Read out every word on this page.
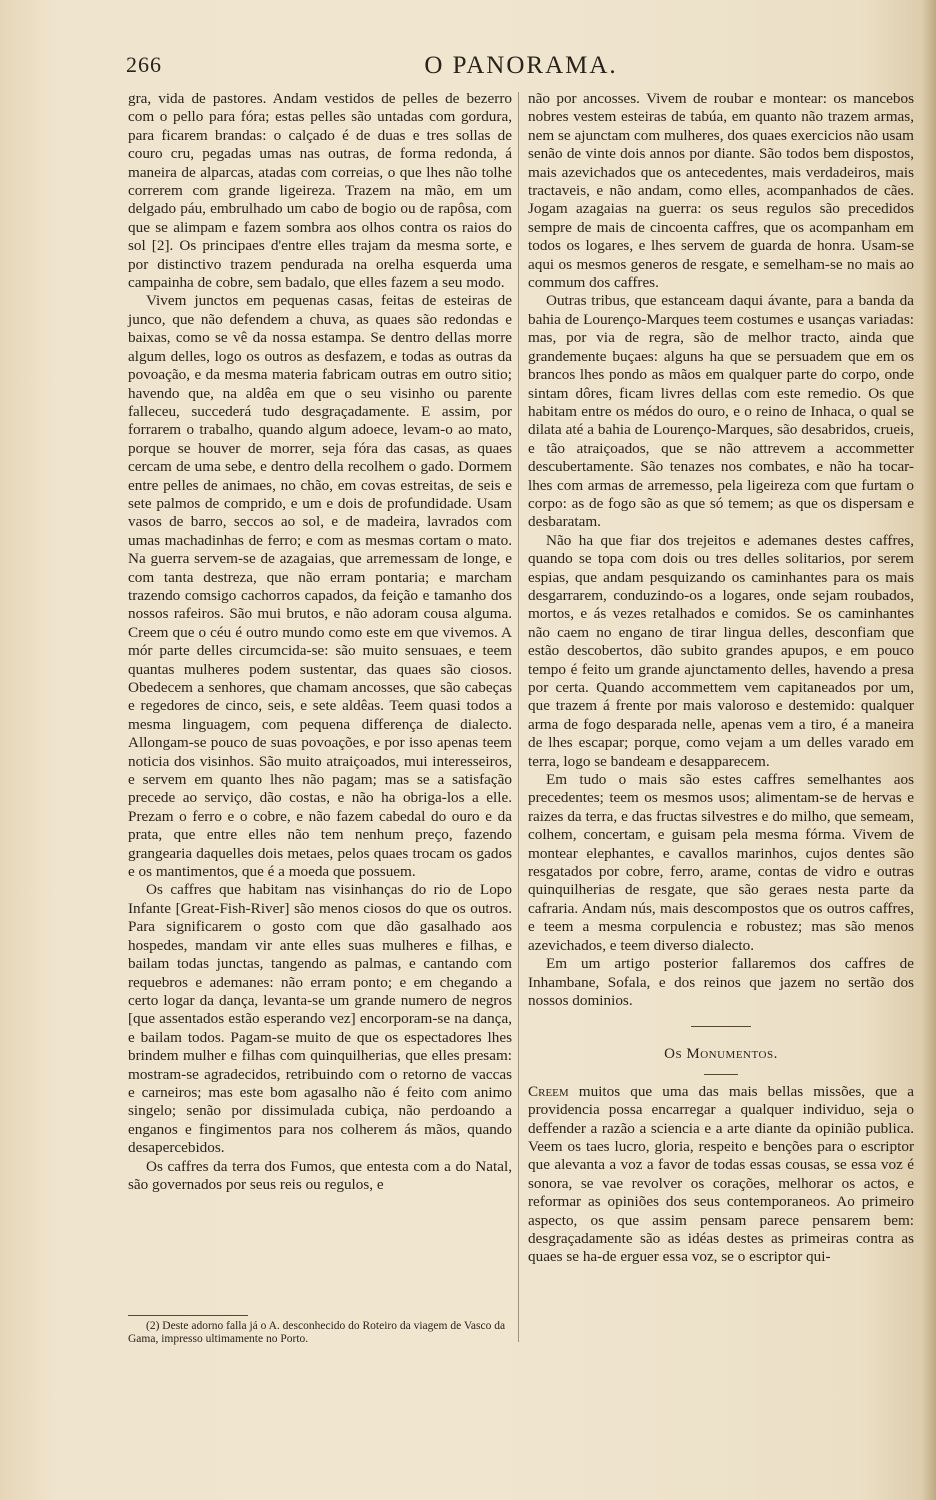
266	O PANORAMA.

gra, vida de pastores. Andam vestidos de pelles de bezerro com o pello para fóra; estas pelles são untadas com gordura, para ficarem brandas: o calçado é de duas e tres sollas de couro cru, pegadas umas nas outras, de forma redonda, á maneira de alparcas, atadas com correias, o que lhes não tolhe correrem com grande ligeireza. Trazem na mão, em um delgado páu, embrulhado um cabo de bogio ou de rapôsa, com que se alimpam e fazem sombra aos olhos contra os raios do sol [2]. Os principaes d'entre elles trajam da mesma sorte, e por distinctivo trazem pendurada na orelha esquerda uma campainha de cobre, sem badalo, que elles fazem a seu modo.

Vivem junctos em pequenas casas, feitas de esteiras de junco, que não defendem a chuva, as quaes são redondas e baixas, como se vê da nossa estampa. Se dentro dellas morre algum delles, logo os outros as desfazem, e todas as outras da povoação, e da mesma materia fabricam outras em outro sitio; havendo que, na aldêa em que o seu visinho ou parente falleceu, succederá tudo desgraçadamente. E assim, por forrarem o trabalho, quando algum adoece, levam-o ao mato, porque se houver de morrer, seja fóra das casas, as quaes cercam de uma sebe, e dentro della recolhem o gado. Dormem entre pelles de animaes, no chão, em covas estreitas, de seis e sete palmos de comprido, e um e dois de profundidade. Usam vasos de barro, seccos ao sol, e de madeira, lavrados com umas machadinhas de ferro; e com as mesmas cortam o mato. Na guerra servem-se de azagaias, que arremessam de longe, e com tanta destreza, que não erram pontaria; e marcham trazendo comsigo cachorros capados, da feição e tamanho dos nossos rafeiros. São mui brutos, e não adoram cousa alguma. Creem que o céu é outro mundo como este em que vivemos. A mór parte delles circumcida-se: são muito sensuaes, e teem quantas mulheres podem sustentar, das quaes são ciosos. Obedecem a senhores, que chamam ancosses, que são cabeças e regedores de cinco, seis, e sete aldêas. Teem quasi todos a mesma linguagem, com pequena differença de dialecto. Allongam-se pouco de suas povoações, e por isso apenas teem noticia dos visinhos. São muito atraiçoados, mui interesseiros, e servem em quanto lhes não pagam; mas se a satisfação precede ao serviço, dão costas, e não ha obriga-los a elle. Prezam o ferro e o cobre, e não fazem cabedal do ouro e da prata, que entre elles não tem nenhum preço, fazendo grangearia daquelles dois metaes, pelos quaes trocam os gados e os mantimentos, que é a moeda que possuem.

Os caffres que habitam nas visinhanças do rio de Lopo Infante [Great-Fish-River] são menos ciosos do que os outros. Para significarem o gosto com que dão gasalhado aos hospedes, mandam vir ante elles suas mulheres e filhas, e bailam todas junctas, tangendo as palmas, e cantando com requebros e ademanes: não erram ponto; e em chegando a certo logar da dança, levanta-se um grande numero de negros [que assentados estão esperando vez] encorporam-se na dança, e bailam todos. Pagam-se muito de que os espectadores lhes brindem mulher e filhas com quinquilherias, que elles presam: mostram-se agradecidos, retribuindo com o retorno de vaccas e carneiros; mas este bom agasalho não é feito com animo singelo; senão por dissimulada cubiça, não perdoando a enganos e fingimentos para nos colherem ás mãos, quando desapercebidos.

Os caffres da terra dos Fumos, que entesta com a do Natal, são governados por seus reis ou regulos, e

não por ancosses. Vivem de roubar e montear: os mancebos nobres vestem esteiras de tabúa, em quanto não trazem armas, nem se ajunctam com mulheres, dos quaes exercicios não usam senão de vinte dois annos por diante. São todos bem dispostos, mais azevichados que os antecedentes, mais verdadeiros, mais tractaveis, e não andam, como elles, acompanhados de cães. Jogam azagaias na guerra: os seus regulos são precedidos sempre de mais de cincoenta caffres, que os acompanham em todos os logares, e lhes servem de guarda de honra. Usam-se aqui os mesmos generos de resgate, e semelham-se no mais ao commum dos caffres.

Outras tribus, que estanceam daqui ávante, para a banda da bahia de Lourenço-Marques teem costumes e usanças variadas: mas, por via de regra, são de melhor tracto, ainda que grandemente buçaes: alguns ha que se persuadem que em os brancos lhes pondo as mãos em qualquer parte do corpo, onde sintam dôres, ficam livres dellas com este remedio. Os que habitam entre os médos do ouro, e o reino de Inhaca, o qual se dilata até a bahia de Lourenço-Marques, são desabridos, crueis, e tão atraiçoados, que se não attrevem a accommetter descubertamente. São tenazes nos combates, e não ha tocar-lhes com armas de arremesso, pela ligeireza com que furtam o corpo: as de fogo são as que só temem; as que os dispersam e desbaratam.

Não ha que fiar dos trejeitos e ademanes destes caffres, quando se topa com dois ou tres delles solitarios, por serem espias, que andam pesquizando os caminhantes para os mais desgarrarem, conduzindo-os a logares, onde sejam roubados, mortos, e ás vezes retalhados e comidos. Se os caminhantes não caem no engano de tirar lingua delles, desconfiam que estão descobertos, dão subito grandes apupos, e em pouco tempo é feito um grande ajunctamento delles, havendo a presa por certa. Quando accommettem vem capitaneados por um, que trazem á frente por mais valoroso e destemido: qualquer arma de fogo desparada nelle, apenas vem a tiro, é a maneira de lhes escapar; porque, como vejam a um delles varado em terra, logo se bandeam e desapparecem.

Em tudo o mais são estes caffres semelhantes aos precedentes; teem os mesmos usos; alimentam-se de hervas e raizes da terra, e das fructas silvestres e do milho, que semeam, colhem, concertam, e guisam pela mesma fórma. Vivem de montear elephantes, e cavallos marinhos, cujos dentes são resgatados por cobre, ferro, arame, contas de vidro e outras quinquilherias de resgate, que são geraes nesta parte da cafraria. Andam nús, mais descompostos que os outros caffres, e teem a mesma corpulencia e robustez; mas são menos azevichados, e teem diverso dialecto.

Em um artigo posterior fallaremos dos caffres de Inhambane, Sofala, e dos reinos que jazem no sertão dos nossos dominios.

Os Monumentos.

Creem muitos que uma das mais bellas missões, que a providencia possa encarregar a qualquer individuo, seja o deffender a razão a sciencia e a arte diante da opinião publica. Veem os taes lucro, gloria, respeito e benções para o escriptor que alevanta a voz a favor de todas essas cousas, se essa voz é sonora, se vae revolver os corações, melhorar os actos, e reformar as opiniões dos seus contemporaneos. Ao primeiro aspecto, os que assim pensam parece pensarem bem: desgraçadamente são as idéas destes as primeiras contra as quaes se ha-de erguer essa voz, se o escriptor qui-

(2) Deste adorno falla já o A. desconhecido do Roteiro da viagem de Vasco da Gama, impresso ultimamente no Porto.
